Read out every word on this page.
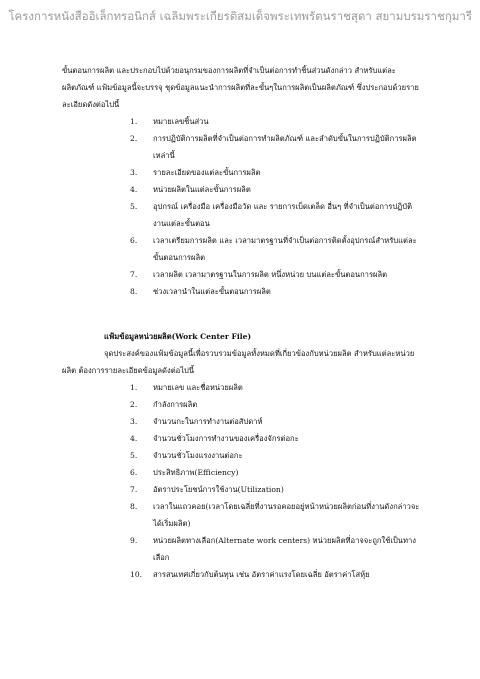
โครงการหนังสืออิเล็กทรอนิกส์ เฉลิมพระเกียรติสมเด็จพระเทพรัตนราชสุดา สยามบรมราชกุมารี

ขั้นตอนการผลิต และประกอบไปด้วยอนุกรมของการผลิตที่จำเป็นต่อการทำชิ้นส่วนดังกล่าว สำหรับแต่ละผลิตภัณฑ์ แฟ้มข้อมูลนี้จะบรรจุ ชุดข้อมูลแนะนำการผลิตที่ละขั้นๆในการผลิตเป็นผลิตภัณฑ์ ซึ่งประกอบด้วยรายละเอียดดังต่อไปนี้

1. หมายเลขชิ้นส่วน
2. การปฏิบัติการผลิตที่จำเป็นต่อการทำผลิตภัณฑ์ และลำดับขั้นในการปฏิบัติการผลิตเหล่านี้
3. รายละเอียดของแต่ละขั้นการผลิต
4. หน่วยผลิตในแต่ละขั้นการผลิต
5. อุปกรณ์ เครื่องมือ เครื่องมือวัด และ รายการเบ็ดเตล็ด อื่นๆ ที่จำเป็นต่อการปฏิบัติงานแต่ละขั้นตอน
6. เวลาเตรียมการผลิต และ เวลามาตรฐานที่จำเป็นต่อการติดตั้งอุปกรณ์สำหรับแต่ละขั้นตอนการผลิต
7. เวลาผลิต เวลามาตรฐานในการผลิต หนึ่งหน่วย บนแต่ละขั้นตอนการผลิต
8. ช่วงเวลานำในแต่ละขั้นตอนการผลิต

แฟ้มข้อมูลหน่วยผลิต(Work Center File)

จุดประสงค์ของแฟ้มข้อมูลนี้เพื่อรวบรวมข้อมูลทั้งหมดที่เกี่ยวข้องกับหน่วยผลิต สำหรับแต่ละหน่วยผลิต ต้องการรายละเอียดข้อมูลดังต่อไปนี้

1. หมายเลข และชื่อหน่วยผลิต
2. กำลังการผลิต
3. จำนวนกะในการทำงานต่อสัปดาห์
4. จำนวนชั่วโมงการทำงานของเครื่องจักรต่อกะ
5. จำนวนชั่วโมงแรงงานต่อกะ
6. ประสิทธิภาพ(Efficiency)
7. อัตราประโยชน์การใช้งาน(Utilization)
8. เวลาในแถวคอย(เวลาโดยเฉลี่ยที่งานรอคอยอยู่หน้าหน่วยผลิตก่อนที่งานดังกล่าวจะได้เริ่มผลิต)
9. หน่วยผลิตทางเลือก(Alternate work centers) หน่วยผลิตที่อาจจะถูกใช้เป็นทางเลือก
10. สารสนเทศเกี่ยวกับต้นทุน เช่น อัตราค่าแรงโดยเฉลี่ย อัตราค่าโสหุ้ย
